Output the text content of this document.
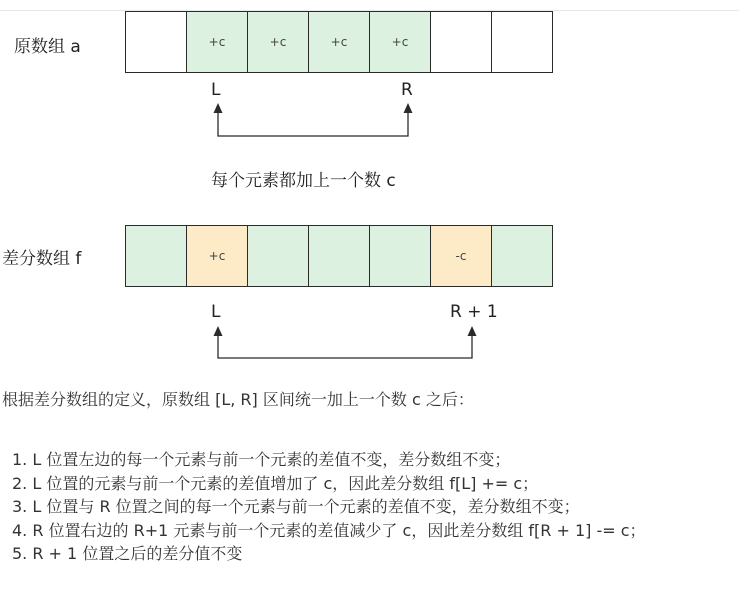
原数组 a	+c	+c	+c	+c
L	R
每个元素都加上一个数 c
差分数组 f	+c	-c
L	R + 1
根据差分数组的定义，原数组 [L, R] 区间统一加上一个数 c 之后：
1. L 位置左边的每一个元素与前一个元素的差值不变，差分数组不变；
2. L 位置的元素与前一个元素的差值增加了 c，因此差分数组 f[L] += c；
3. L 位置与 R 位置之间的每一个元素与前一个元素的差值不变，差分数组不变；
4. R 位置右边的 R+1 元素与前一个元素的差值减少了 c，因此差分数组 f[R + 1] -= c；
5. R + 1 位置之后的差分值不变
